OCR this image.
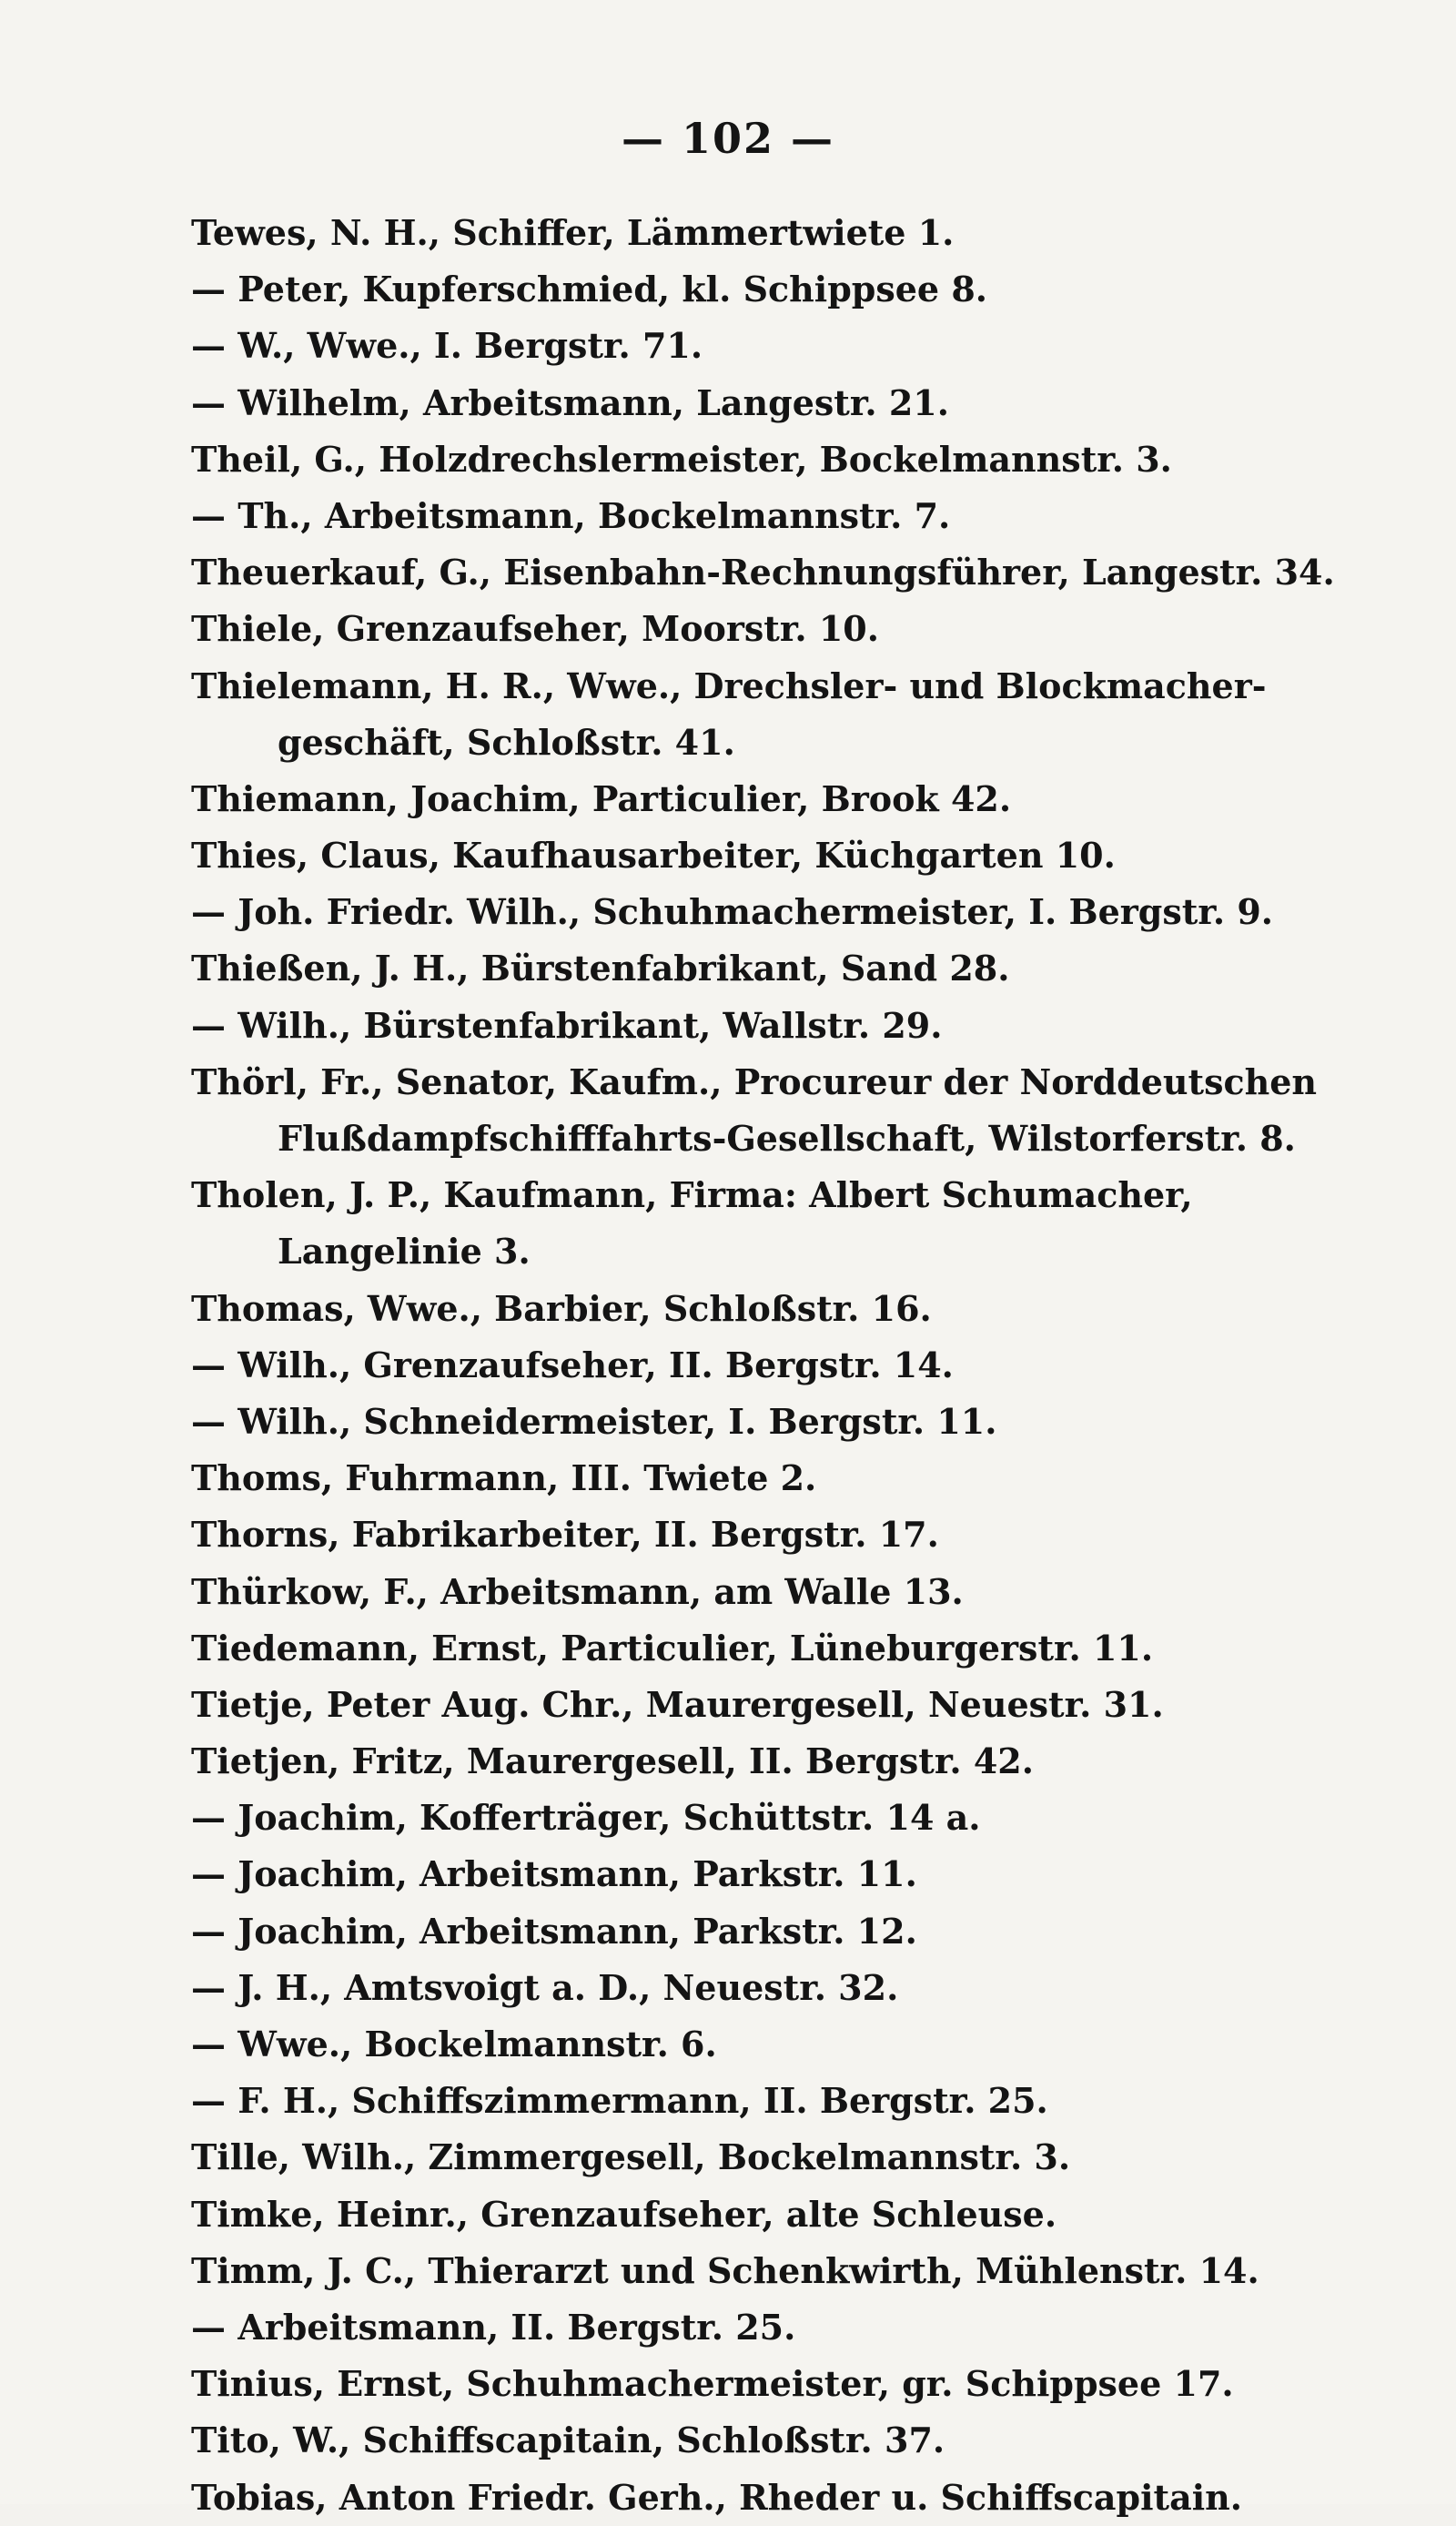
— 102 —
Tewes, N. H., Schiffer, Lämmertwiete 1.
— Peter, Kupferschmied, kl. Schippsee 8.
— W., Wwe., I. Bergstr. 71.
— Wilhelm, Arbeitsmann, Langestr. 21.
Theil, G., Holzdrechslermeister, Bockelmannstr. 3.
— Th., Arbeitsmann, Bockelmannstr. 7.
Theuerkauf, G., Eisenbahn-Rechnungsführer, Langestr. 34.
Thiele, Grenzaufseher, Moorstr. 10.
Thielemann, H. R., Wwe., Drechsler- und Blockmacher-
geschäft, Schloßstr. 41.
Thiemann, Joachim, Particulier, Brook 42.
Thies, Claus, Kaufhausarbeiter, Küchgarten 10.
— Joh. Friedr. Wilh., Schuhmachermeister, I. Bergstr. 9.
Thießen, J. H., Bürstenfabrikant, Sand 28.
— Wilh., Bürstenfabrikant, Wallstr. 29.
Thörl, Fr., Senator, Kaufm., Procureur der Norddeutschen
Flußdampfschifffahrts-Gesellschaft, Wilstorferstr. 8.
Tholen, J. P., Kaufmann, Firma: Albert Schumacher,
Langelinie 3.
Thomas, Wwe., Barbier, Schloßstr. 16.
— Wilh., Grenzaufseher, II. Bergstr. 14.
— Wilh., Schneidermeister, I. Bergstr. 11.
Thoms, Fuhrmann, III. Twiete 2.
Thorns, Fabrikarbeiter, II. Bergstr. 17.
Thürkow, F., Arbeitsmann, am Walle 13.
Tiedemann, Ernst, Particulier, Lüneburgerstr. 11.
Tietje, Peter Aug. Chr., Maurergesell, Neuestr. 31.
Tietjen, Fritz, Maurergesell, II. Bergstr. 42.
— Joachim, Kofferträger, Schüttstr. 14 a.
— Joachim, Arbeitsmann, Parkstr. 11.
— Joachim, Arbeitsmann, Parkstr. 12.
— J. H., Amtsvoigt a. D., Neuestr. 32.
— Wwe., Bockelmannstr. 6.
— F. H., Schiffszimmermann, II. Bergstr. 25.
Tille, Wilh., Zimmergesell, Bockelmannstr. 3.
Timke, Heinr., Grenzaufseher, alte Schleuse.
Timm, J. C., Thierarzt und Schenkwirth, Mühlenstr. 14.
— Arbeitsmann, II. Bergstr. 25.
Tinius, Ernst, Schuhmachermeister, gr. Schippsee 17.
Tito, W., Schiffscapitain, Schloßstr. 37.
Tobias, Anton Friedr. Gerh., Rheder u. Schiffscapitain.
